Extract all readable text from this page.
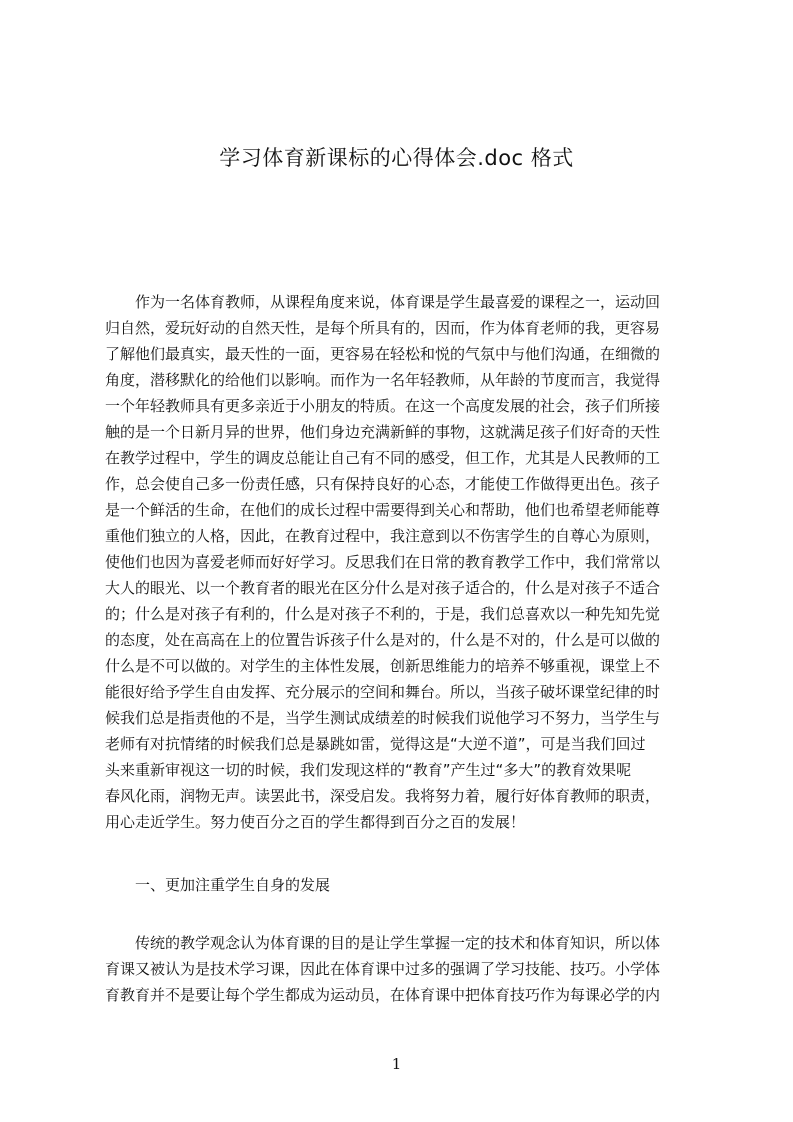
学习体育新课标的心得体会.doc 格式
　　作为一名体育教师，从课程角度来说，体育课是学生最喜爱的课程之一，运动回
归自然，爱玩好动的自然天性，是每个所具有的，因而，作为体育老师的我，更容易
了解他们最真实，最天性的一面，更容易在轻松和悦的气氛中与他们沟通，在细微的
角度，潜移默化的给他们以影响。而作为一名年轻教师，从年龄的节度而言，我觉得
一个年轻教师具有更多亲近于小朋友的特质。在这一个高度发展的社会，孩子们所接
触的是一个日新月异的世界，他们身边充满新鲜的事物，这就满足孩子们好奇的天性
在教学过程中，学生的调皮总能让自己有不同的感受，但工作，尤其是人民教师的工
作，总会使自己多一份责任感，只有保持良好的心态，才能使工作做得更出色。孩子
是一个鲜活的生命，在他们的成长过程中需要得到关心和帮助，他们也希望老师能尊
重他们独立的人格，因此，在教育过程中，我注意到以不伤害学生的自尊心为原则，
使他们也因为喜爱老师而好好学习。反思我们在日常的教育教学工作中，我们常常以
大人的眼光、以一个教育者的眼光在区分什么是对孩子适合的，什么是对孩子不适合
的；什么是对孩子有利的，什么是对孩子不利的，于是，我们总喜欢以一种先知先觉
的态度，处在高高在上的位置告诉孩子什么是对的，什么是不对的，什么是可以做的
什么是不可以做的。对学生的主体性发展，创新思维能力的培养不够重视，课堂上不
能很好给予学生自由发挥、充分展示的空间和舞台。所以，当孩子破坏课堂纪律的时
候我们总是指责他的不是，当学生测试成绩差的时候我们说他学习不努力，当学生与
老师有对抗情绪的时候我们总是暴跳如雷，觉得这是“大逆不道”，可是当我们回过
头来重新审视这一切的时候，我们发现这样的“教育”产生过“多大”的教育效果呢
春风化雨，润物无声。读罢此书，深受启发。我将努力着，履行好体育教师的职责，
用心走近学生。努力使百分之百的学生都得到百分之百的发展！
　　一、更加注重学生自身的发展
　　传统的教学观念认为体育课的目的是让学生掌握一定的技术和体育知识，所以体
育课又被认为是技术学习课，因此在体育课中过多的强调了学习技能、技巧。小学体
育教育并不是要让每个学生都成为运动员，在体育课中把体育技巧作为每课必学的内
1
